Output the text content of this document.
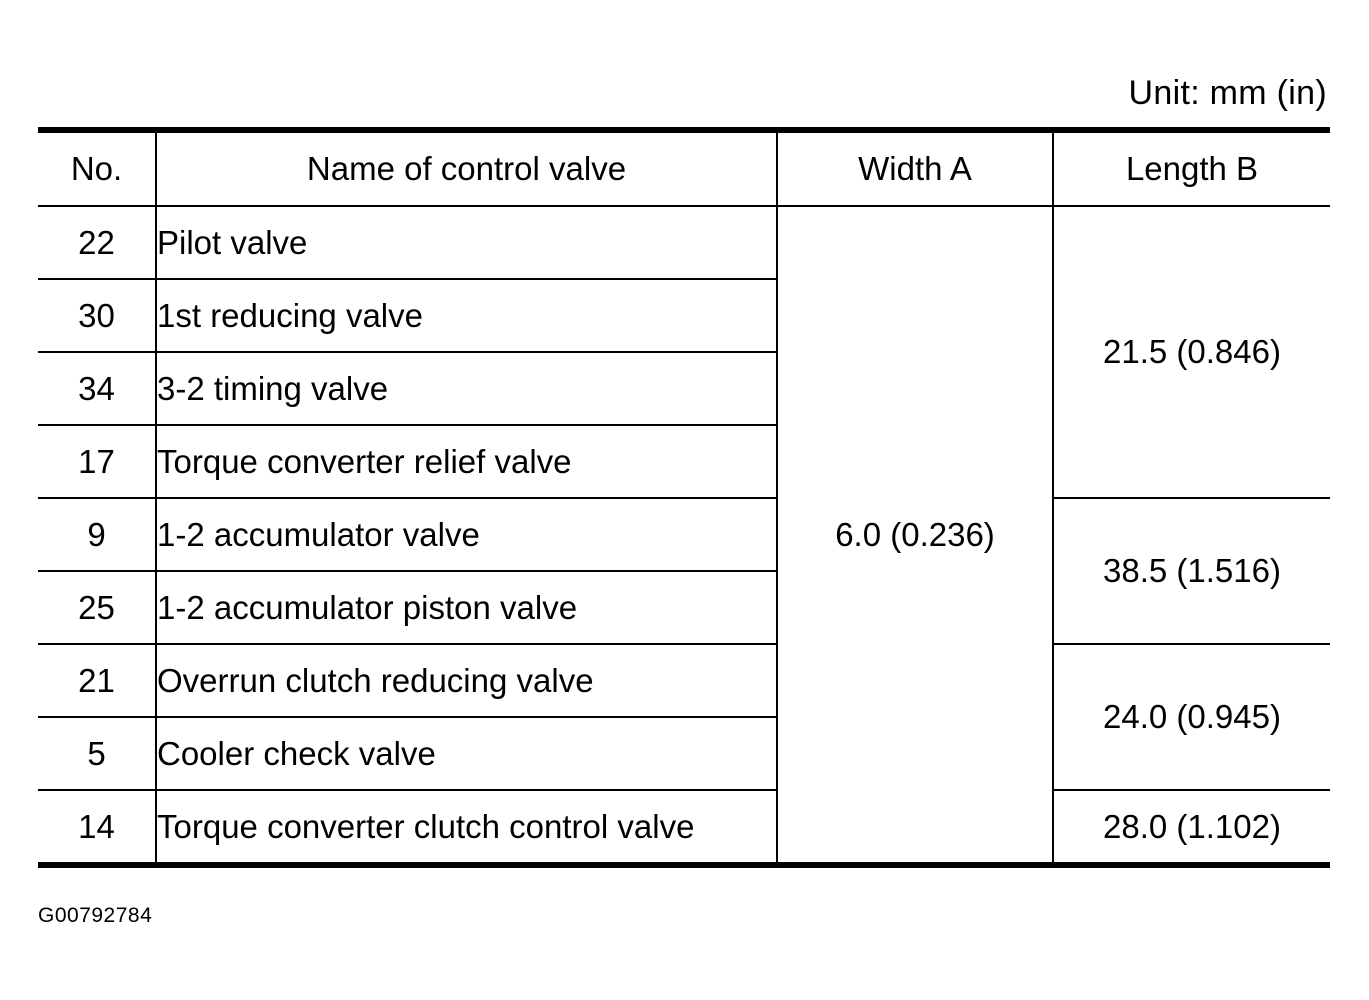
Unit: mm (in)
No.	Name of control valve	Width A	Length B
22	Pilot valve	6.0 (0.236)	21.5 (0.846)
30	1st reducing valve		
34	3-2 timing valve		
17	Torque converter relief valve		
9	1-2 accumulator valve		38.5 (1.516)
25	1-2 accumulator piston valve		
21	Overrun clutch reducing valve		24.0 (0.945)
5	Cooler check valve		
14	Torque converter clutch control valve		28.0 (1.102)
G00792784
